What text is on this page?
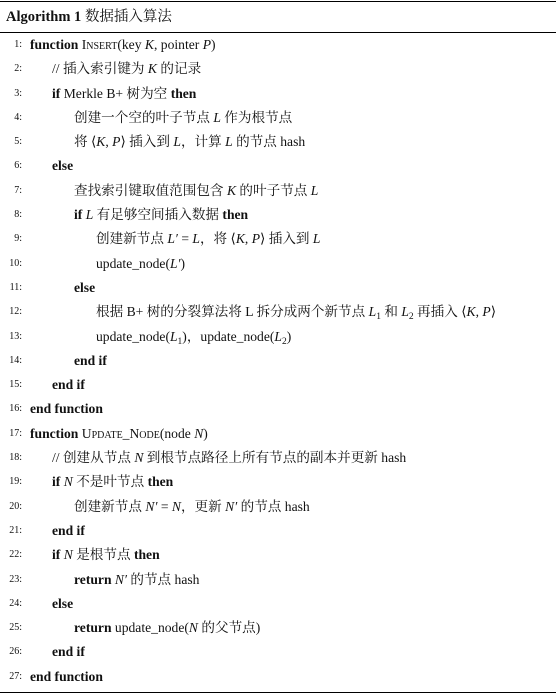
Algorithm 1 数据插入算法
1: function Insert(key K, pointer P)
2: // 插入索引键为 K 的记录
3: if Merkle B+ 树为空 then
4:	创建一个空的叶子节点 L 作为根节点
5:	将 ⟨K, P⟩ 插入到 L，计算 L 的节点 hash
6: else
7:	查找索引键取值范围包含 K 的叶子节点 L
8:	if L 有足够空间插入数据 then
9:	创建新节点 L′ = L，将 ⟨K, P⟩ 插入到 L
10:	update_node(L′)
11:	else
12:	根据 B+ 树的分裂算法将 L 拆分成两个新节点 $L_1$ 和 $L_2$ 再插入 ⟨K, P⟩
13:	$update\_node(L_1)$，$update\_node(L_2)$
14:	end if
15: end if
16: end function
17: function Update_Node(node N)
18: // 创建从节点 N 到根节点路径上所有节点的副本并更新 hash
19: if N 不是叶节点 then
20:	创建新节点 N′ = N，更新 N′ 的节点 hash
21: end if
22: if N 是根节点 then
23:	return N′ 的节点 hash
24: else
25:	return update_node(N 的父节点)
26: end if
27: end function
